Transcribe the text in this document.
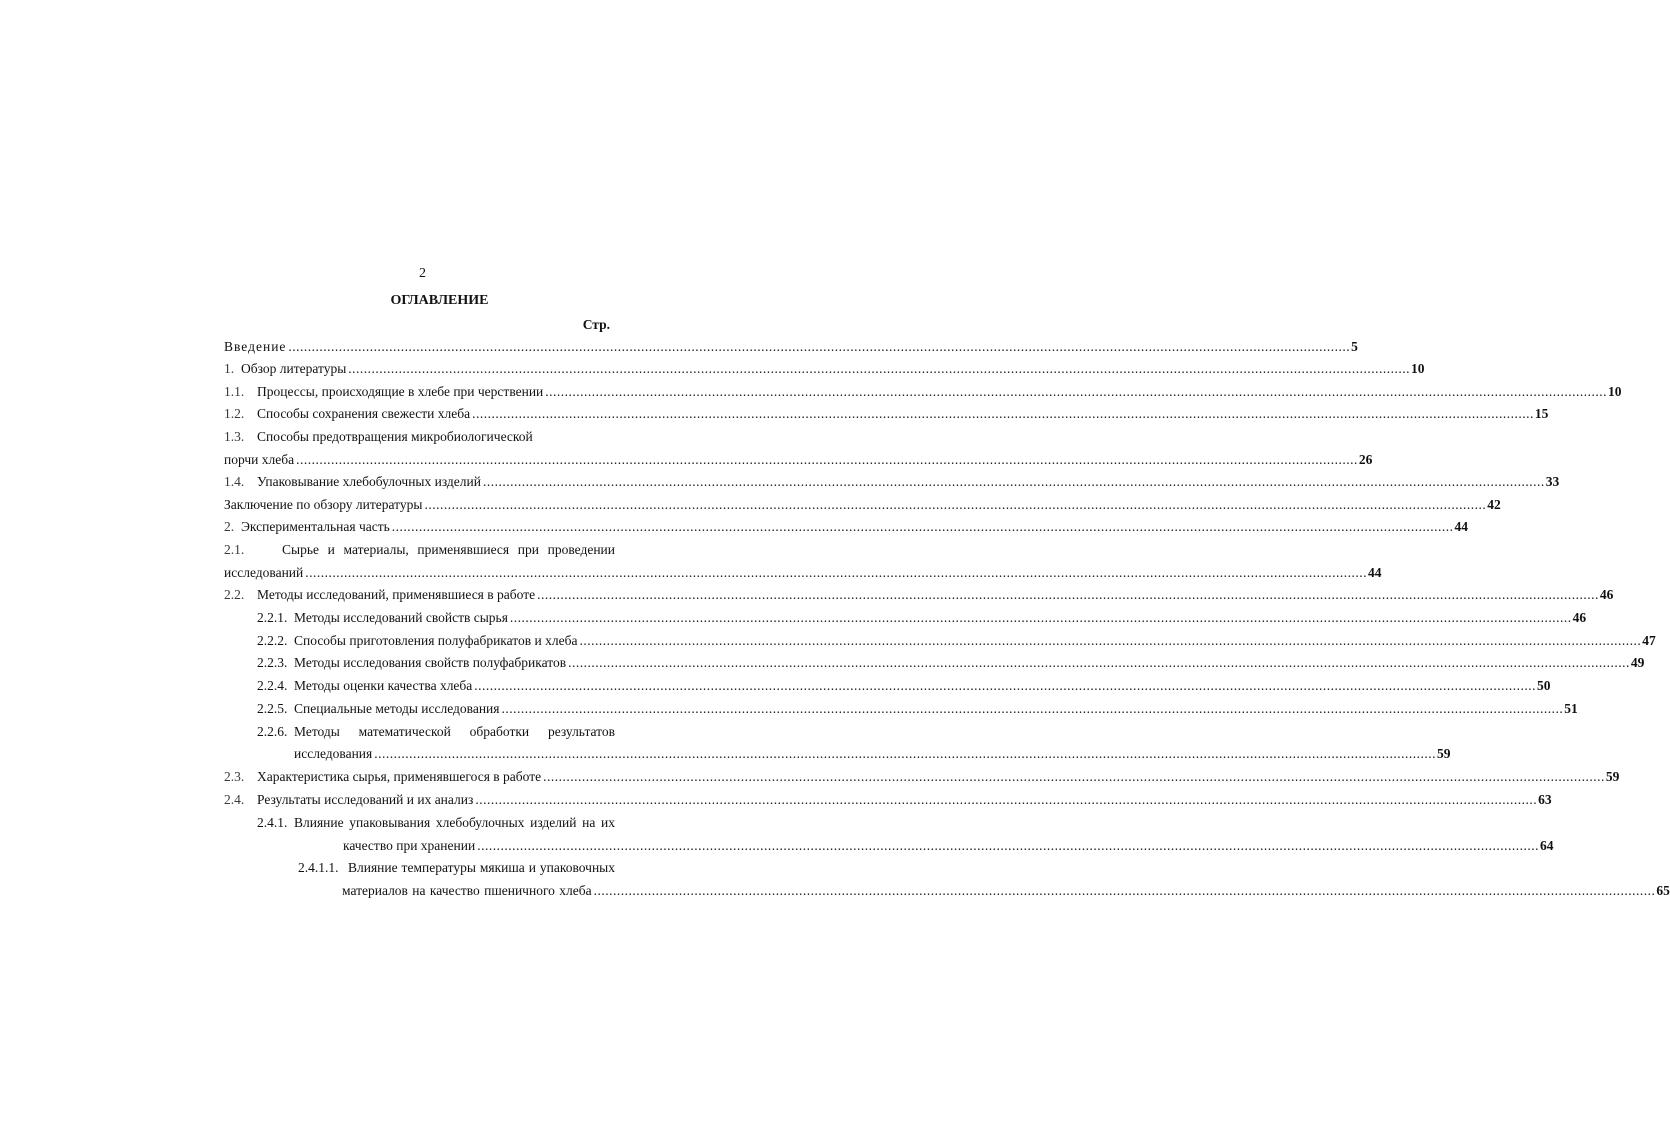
2
ОГЛАВЛЕНИЕ
Стр.
Введение .....	5
1. Обзор литературы .....	10
1.1. Процессы, происходящие в хлебе при черствении .....	10
1.2. Способы сохранения свежести хлеба .....	15
1.3. Способы предотвращения микробиологической
порчи хлеба .....	26
1.4. Упаковывание хлебобулочных изделий .....	33
Заключение по обзору литературы .....	42
2. Экспериментальная часть .....	44
2.1.	Сырье и материалы, применявшиеся при проведении
исследований .....	44
2.2. Методы исследований, применявшиеся в работе .....	46
2.2.1. Методы исследований свойств сырья .....	46
2.2.2. Способы приготовления полуфабрикатов и хлеба .....	47
2.2.3. Методы исследования свойств полуфабрикатов .....	49
2.2.4. Методы оценки качества хлеба .....	50
2.2.5. Специальные методы исследования .....	51
2.2.6. Методы математической обработки результатов
исследования .....	59
2.3. Характеристика сырья, применявшегося в работе .....	59
2.4. Результаты исследований и их анализ .....	63
2.4.1. Влияние упаковывания хлебобулочных изделий на их
качество при хранении .....	64
2.4.1.1. Влияние температуры мякиша и упаковочных
материалов на качество пшеничного хлеба .....	65
